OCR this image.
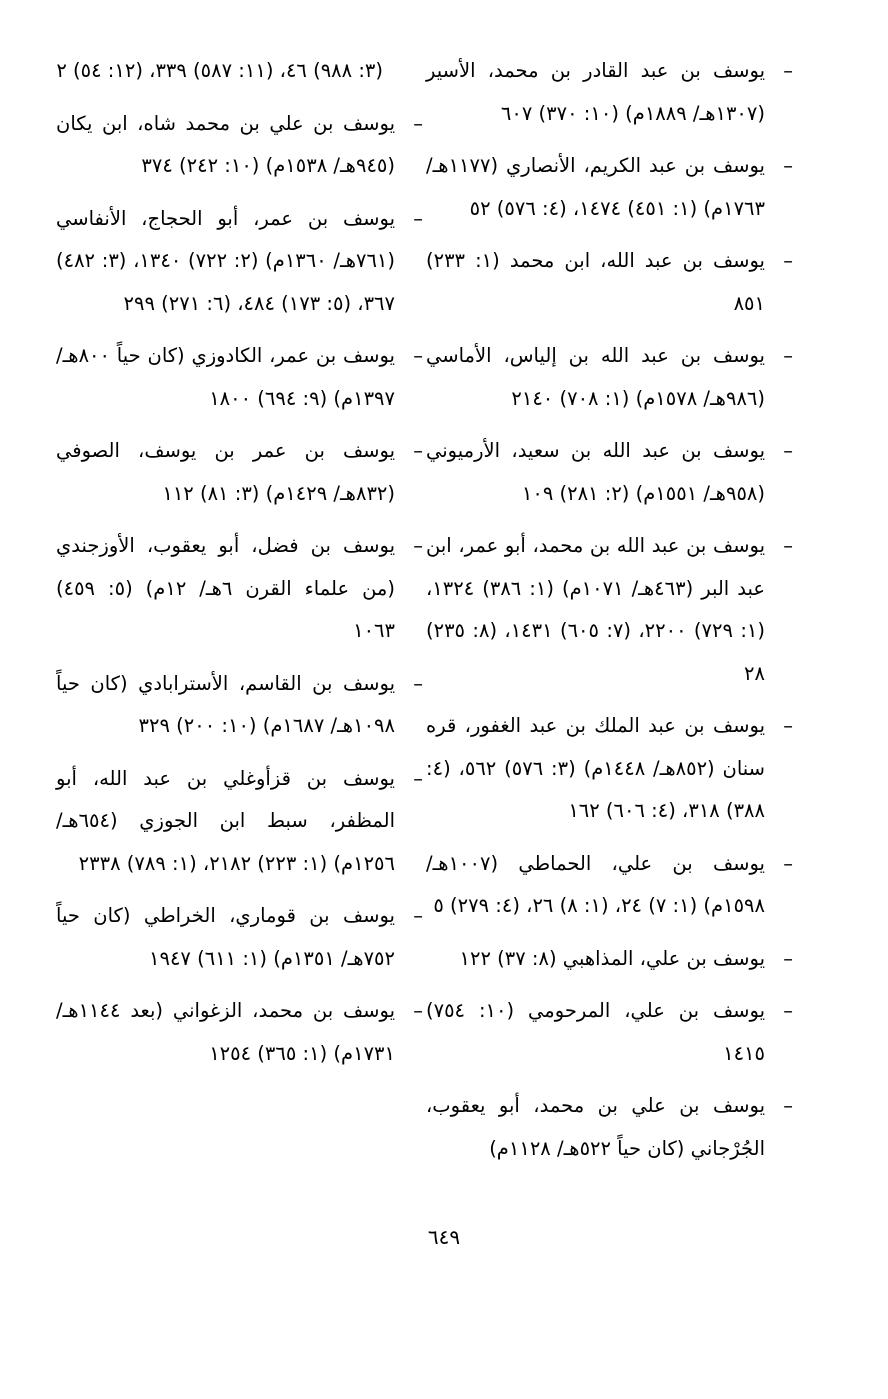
–
يوسف بن عبد القادر بن محمد، الأسير (١٣٠٧هـ/ ١٨٨٩م) (١٠: ٣٧٠) ٦٠٧
–
يوسف بن عبد الكريم، الأنصاري (١١٧٧هـ/ ١٧٦٣م) (١: ٤٥١) ١٤٧٤، (٤: ٥٧٦) ٥٢
–
يوسف بن عبد الله، ابن محمد (١: ٢٣٣) ٨٥١
–
يوسف بن عبد الله بن إلياس، الأماسي (٩٨٦هـ/ ١٥٧٨م) (١: ٧٠٨) ٢١٤٠
–
يوسف بن عبد الله بن سعيد، الأرميوني (٩٥٨هـ/ ١٥٥١م) (٢: ٢٨١) ١٠٩
–
يوسف بن عبد الله بن محمد، أبو عمر، ابن عبد البر (٤٦٣هـ/ ١٠٧١م) (١: ٣٨٦) ١٣٢٤، (١: ٧٢٩) ٢٢٠٠، (٧: ٦٠٥) ١٤٣١، (٨: ٢٣٥) ٢٨
–
يوسف بن عبد الملك بن عبد الغفور، قره سنان (٨٥٢هـ/ ١٤٤٨م) (٣: ٥٧٦) ٥٦٢، (٤: ٣٨٨) ٣١٨، (٤: ٦٠٦) ١٦٢
–
يوسف بن علي، الحماطي (١٠٠٧هـ/ ١٥٩٨م) (١: ٧) ٢٤، (١: ٨) ٢٦، (٤: ٢٧٩) ٥
–
يوسف بن علي، المذاهبي (٨: ٣٧) ١٢٢
–
يوسف بن علي، المرحومي (١٠: ٧٥٤) ١٤١٥
–
يوسف بن علي بن محمد، أبو يعقوب، الجُرْجاني (كان حياً ٥٢٢هـ/ ١١٢٨م)
(٣: ٩٨٨) ٤٦، (١١: ٥٨٧) ٣٣٩، (١٢: ٥٤) ٢
–
يوسف بن علي بن محمد شاه، ابن يكان (٩٤٥هـ/ ١٥٣٨م) (١٠: ٢٤٢) ٣٧٤
–
يوسف بن عمر، أبو الحجاج، الأنفاسي (٧٦١هـ/ ١٣٦٠م) (٢: ٧٢٢) ١٣٤٠، (٣: ٤٨٢) ٣٦٧، (٥: ١٧٣) ٤٨٤، (٦: ٢٧١) ٢٩٩
–
يوسف بن عمر، الكادوزي (كان حياً ٨٠٠هـ/ ١٣٩٧م) (٩: ٦٩٤) ١٨٠٠
–
يوسف بن عمر بن يوسف، الصوفي (٨٣٢هـ/ ١٤٢٩م) (٣: ٨١) ١١٢
–
يوسف بن فضل، أبو يعقوب، الأوزجندي (من علماء القرن ٦هـ/ ١٢م) (٥: ٤٥٩) ١٠٦٣
–
يوسف بن القاسم، الأسترابادي (كان حياً ١٠٩٨هـ/ ١٦٨٧م) (١٠: ٢٠٠) ٣٢٩
–
يوسف بن قزأوغلي بن عبد الله، أبو المظفر، سبط ابن الجوزي (٦٥٤هـ/ ١٢٥٦م) (١: ٢٢٣) ٢١٨٢، (١: ٧٨٩) ٢٣٣٨
–
يوسف بن قوماري، الخراطي (كان حياً ٧٥٢هـ/ ١٣٥١م) (١: ٦١١) ١٩٤٧
–
يوسف بن محمد، الزغواني (بعد ١١٤٤هـ/ ١٧٣١م) (١: ٣٦٥) ١٢٥٤
٦٤٩
